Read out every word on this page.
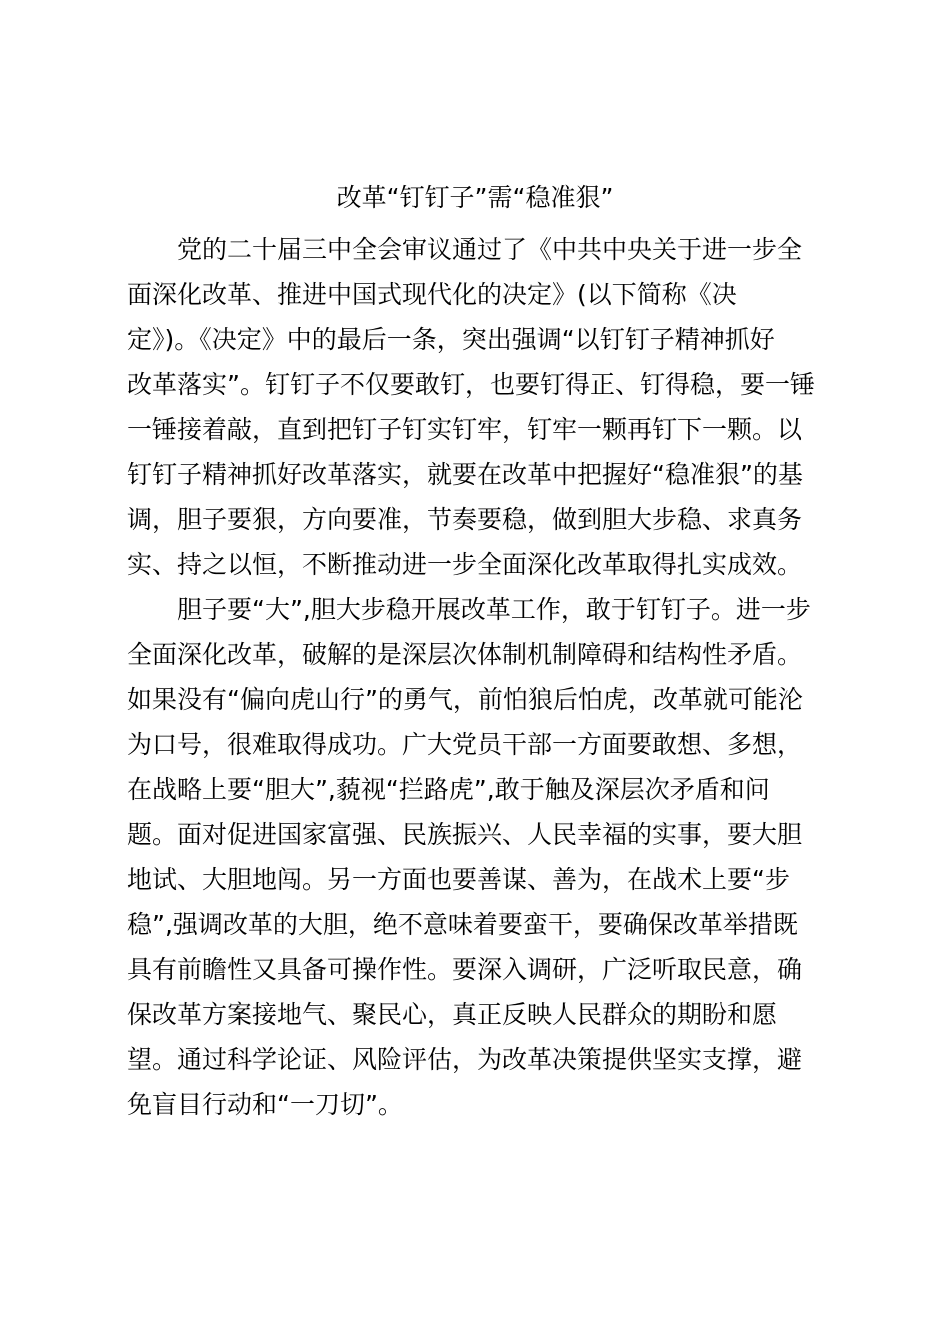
改革“钉钉子”需“稳准狠”
党的二十届三中全会审议通过了《中共中央关于进一步全
面深化改革、推进中国式现代化的决定》(以下简称《决
定》)。《决定》中的最后一条，突出强调“以钉钉子精神抓好
改革落实”。钉钉子不仅要敢钉，也要钉得正、钉得稳，要一锤
一锤接着敲，直到把钉子钉实钉牢，钉牢一颗再钉下一颗。以
钉钉子精神抓好改革落实，就要在改革中把握好“稳准狠”的基
调，胆子要狠，方向要准，节奏要稳，做到胆大步稳、求真务
实、持之以恒，不断推动进一步全面深化改革取得扎实成效。
胆子要“大”,胆大步稳开展改革工作，敢于钉钉子。进一步
全面深化改革，破解的是深层次体制机制障碍和结构性矛盾。
如果没有“偏向虎山行”的勇气，前怕狼后怕虎，改革就可能沦
为口号，很难取得成功。广大党员干部一方面要敢想、多想，
在战略上要“胆大”,藐视“拦路虎”,敢于触及深层次矛盾和问
题。面对促进国家富强、民族振兴、人民幸福的实事，要大胆
地试、大胆地闯。另一方面也要善谋、善为，在战术上要“步
稳”,强调改革的大胆，绝不意味着要蛮干，要确保改革举措既
具有前瞻性又具备可操作性。要深入调研，广泛听取民意，确
保改革方案接地气、聚民心，真正反映人民群众的期盼和愿
望。通过科学论证、风险评估，为改革决策提供坚实支撑，避
免盲目行动和“一刀切”。
